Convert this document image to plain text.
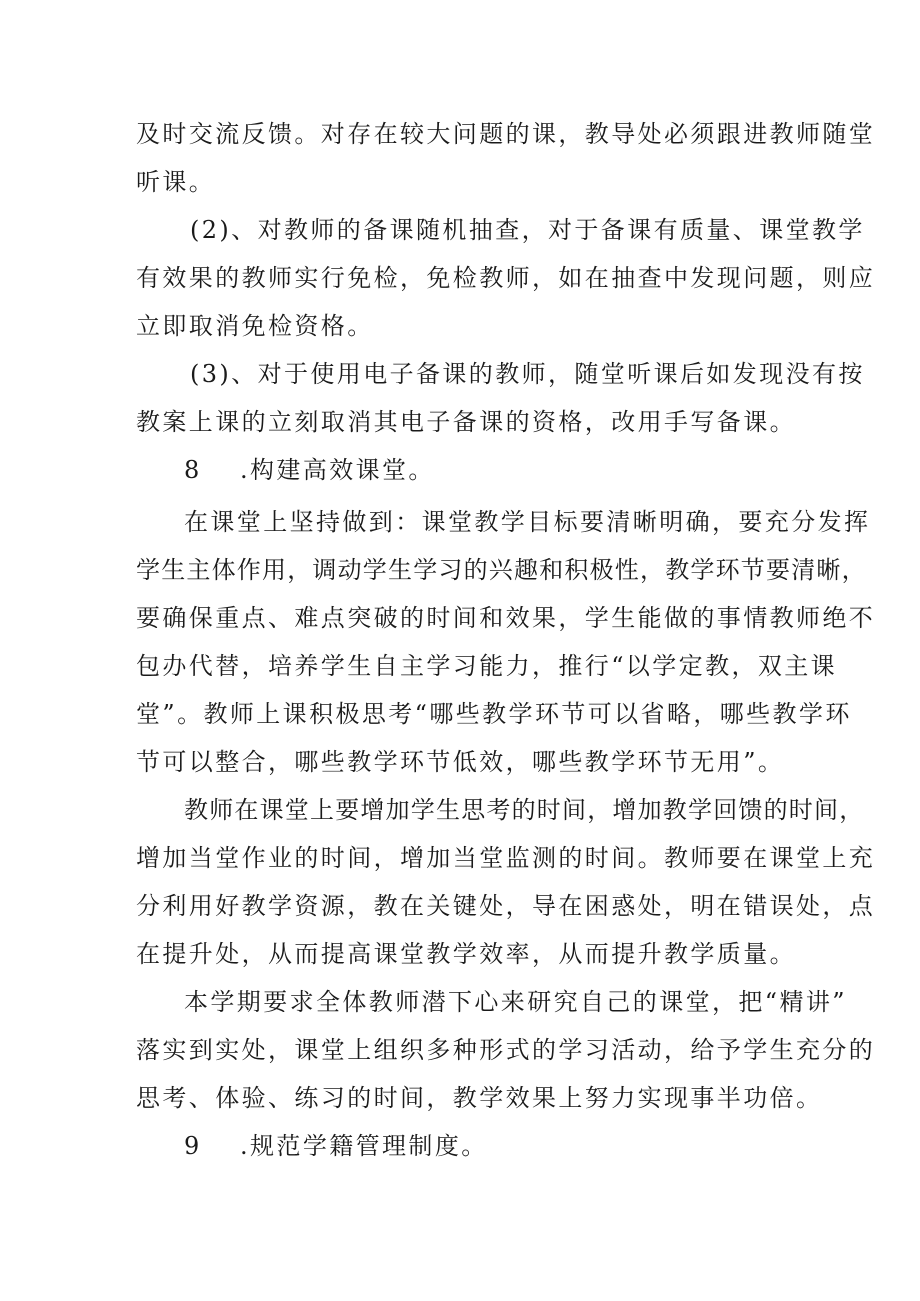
及时交流反馈。对存在较大问题的课，教导处必须跟进教师随堂
听课。
(2)、对教师的备课随机抽查，对于备课有质量、课堂教学
有效果的教师实行免检，免检教师，如在抽查中发现问题，则应
立即取消免检资格。
(3)、对于使用电子备课的教师，随堂听课后如发现没有按
教案上课的立刻取消其电子备课的资格，改用手写备课。
8 .构建高效课堂。
在课堂上坚持做到：课堂教学目标要清晰明确，要充分发挥
学生主体作用，调动学生学习的兴趣和积极性，教学环节要清晰，
要确保重点、难点突破的时间和效果，学生能做的事情教师绝不
包办代替，培养学生自主学习能力，推行“以学定教，双主课
堂”。教师上课积极思考“哪些教学环节可以省略，哪些教学环
节可以整合，哪些教学环节低效，哪些教学环节无用”。
教师在课堂上要增加学生思考的时间，增加教学回馈的时间，
增加当堂作业的时间，增加当堂监测的时间。教师要在课堂上充
分利用好教学资源，教在关键处，导在困惑处，明在错误处，点
在提升处，从而提高课堂教学效率，从而提升教学质量。
本学期要求全体教师潜下心来研究自己的课堂，把“精讲”
落实到实处，课堂上组织多种形式的学习活动，给予学生充分的
思考、体验、练习的时间，教学效果上努力实现事半功倍。
9 .规范学籍管理制度。
